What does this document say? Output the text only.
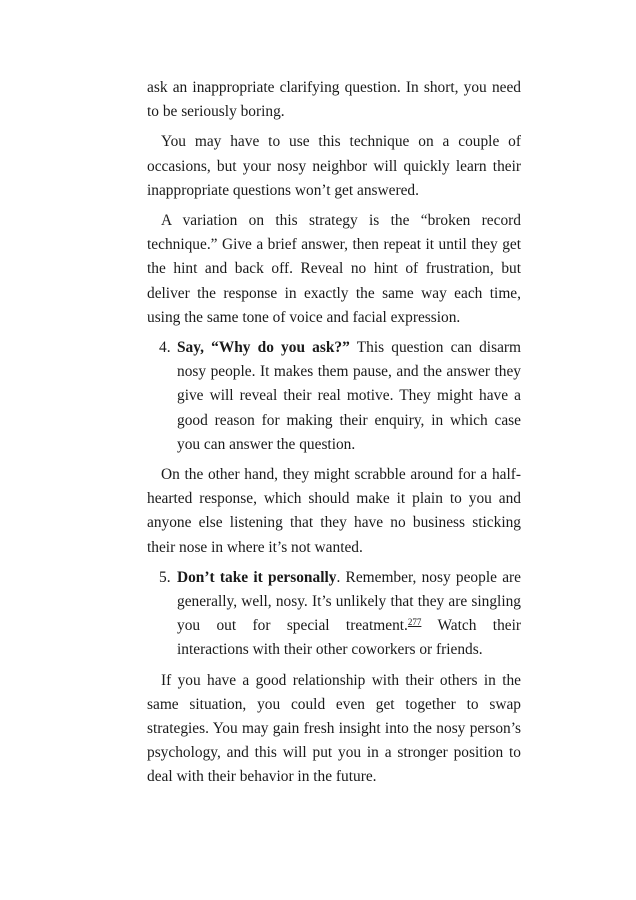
ask an inappropriate clarifying question. In short, you need to be seriously boring.

You may have to use this technique on a couple of occasions, but your nosy neighbor will quickly learn their inappropriate questions won’t get answered.

A variation on this strategy is the “broken record technique.” Give a brief answer, then repeat it until they get the hint and back off. Reveal no hint of frustration, but deliver the response in exactly the same way each time, using the same tone of voice and facial expression.

4. Say, “Why do you ask?” This question can disarm nosy people. It makes them pause, and the answer they give will reveal their real motive. They might have a good reason for making their enquiry, in which case you can answer the question.

On the other hand, they might scrabble around for a half-hearted response, which should make it plain to you and anyone else listening that they have no business sticking their nose in where it’s not wanted.

5. Don’t take it personally. Remember, nosy people are generally, well, nosy. It’s unlikely that they are singling you out for special treatment.$^{277}$ Watch their interactions with their other coworkers or friends.

If you have a good relationship with their others in the same situation, you could even get together to swap strategies. You may gain fresh insight into the nosy person’s psychology, and this will put you in a stronger position to deal with their behavior in the future.
